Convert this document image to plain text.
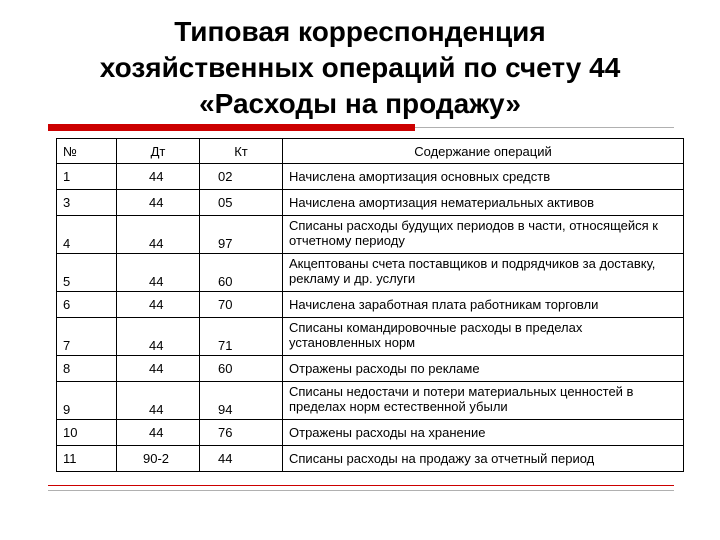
Типовая корреспонденция
хозяйственных операций по счету 44
«Расходы на продажу»
№	Дт	Кт	Содержание операций
1	44	02	Начислена амортизация основных средств
3	44	05	Начислена амортизация нематериальных активов
4	44	97	Списаны расходы будущих периодов в части, относящейся к отчетному периоду
5	44	60	Акцептованы счета поставщиков и подрядчиков за доставку, рекламу и др. услуги
6	44	70	Начислена заработная плата работникам торговли
7	44	71	Списаны командировочные расходы в пределах установленных норм
8	44	60	Отражены расходы по рекламе
9	44	94	Списаны недостачи и потери материальных ценностей в пределах норм естественной убыли
10	44	76	Отражены расходы на хранение
11	90-2	44	Списаны расходы на продажу за отчетный период
